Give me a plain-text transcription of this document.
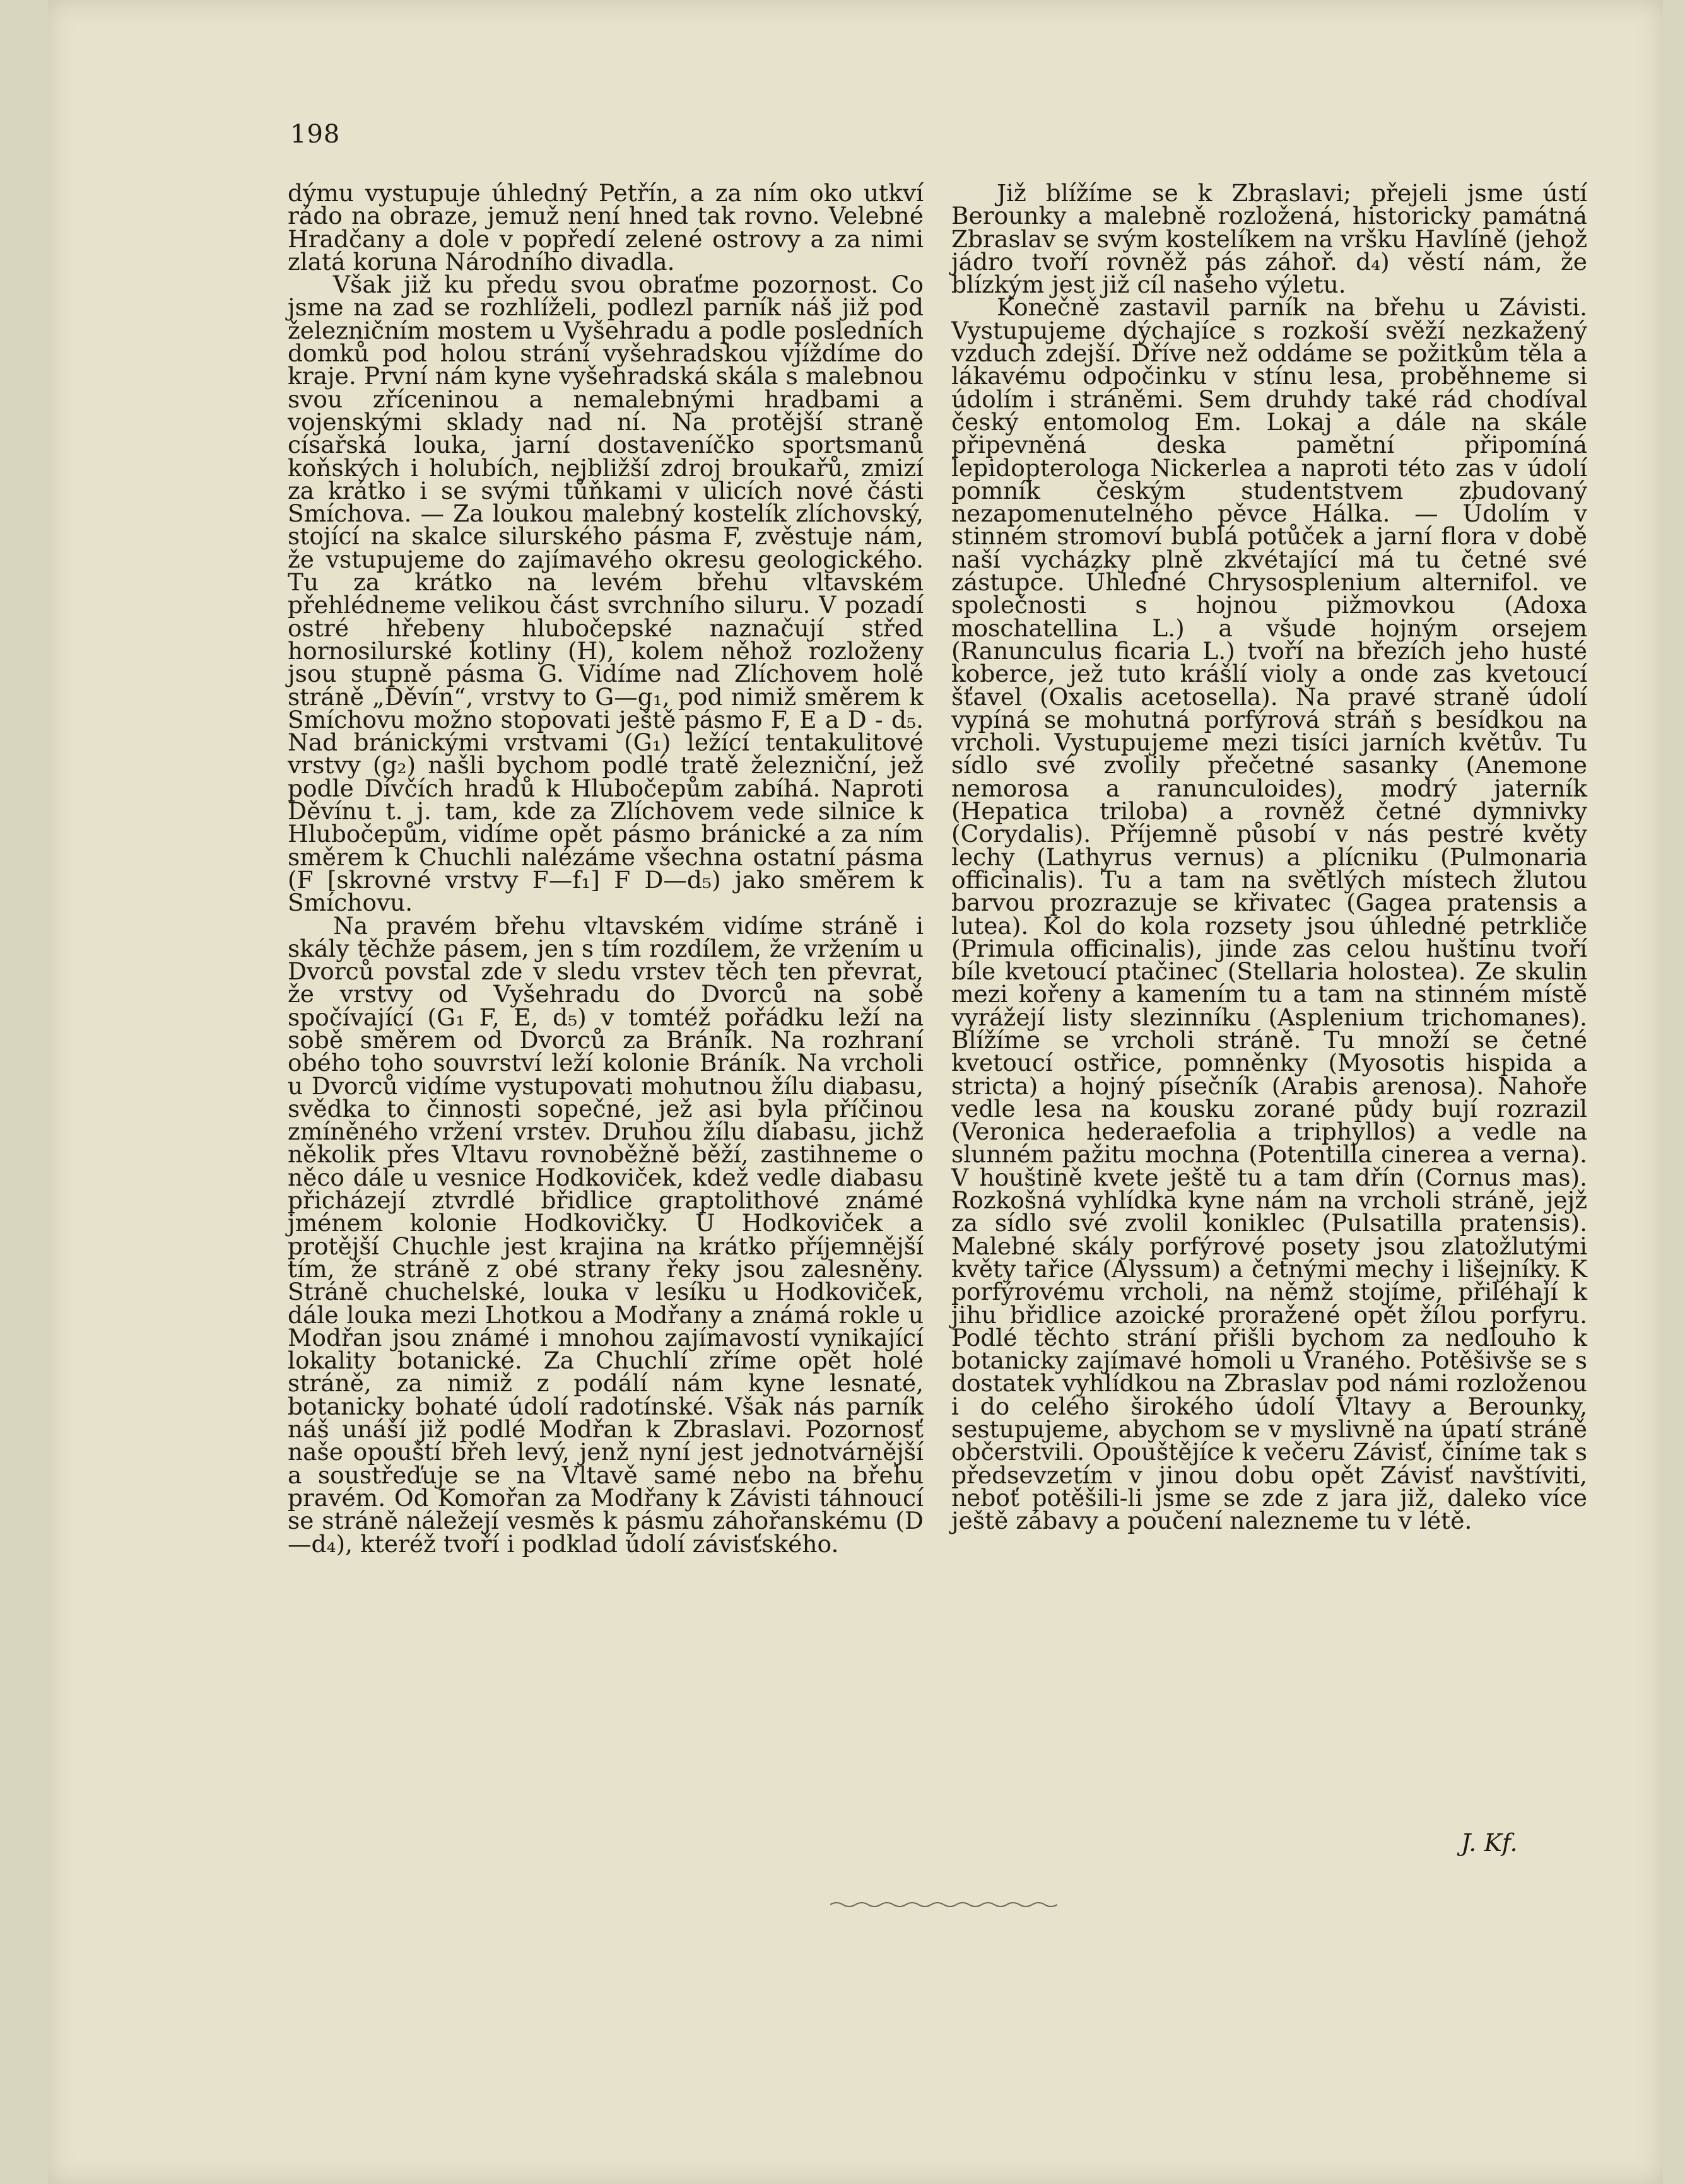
198

dýmu vystupuje úhledný Petřín, a za ním oko utkví rádo na obraze, jemuž není hned tak rovno. Velebné Hradčany a dole v popředí zelené ostrovy a za nimi zlatá koruna Národního divadla.

Však již ku předu svou obraťme pozornost. Co jsme na zad se rozhlíželi, podlezl parník náš již pod železničním mostem u Vyšehradu a podle posledních domků pod holou strání vyšehradskou vjíždíme do kraje. První nám kyne vyšehradská skála s malebnou svou zříceninou a nemalebnými hradbami a vojenskými sklady nad ní. Na protější straně císařská louka, jarní dostaveníčko sportsmanů koňských i holubích, nejbližší zdroj broukařů, zmizí za krátko i se svými tůňkami v ulicích nové části Smíchova. — Za loukou malebný kostelík zlíchovský, stojící na skalce silurského pásma F, zvěstuje nám, že vstupujeme do zajímavého okresu geologického. Tu za krátko na levém břehu vltavském přehlédneme velikou část svrchního siluru. V pozadí ostré hřebeny hlubočepské naznačují střed hornosilurské kotliny (H), kolem něhož rozloženy jsou stupně pásma G. Vidíme nad Zlíchovem holé stráně „Děvín“, vrstvy to G—g₁, pod nimiž směrem k Smíchovu možno stopovati ještě pásmo F, E a D - d₅. Nad bránickými vrstvami (G₁) ležící tentakulitové vrstvy (g₂) našli bychom podlé tratě železniční, jež podle Dívčích hradů k Hlubočepům zabíhá. Naproti Děvínu t. j. tam, kde za Zlíchovem vede silnice k Hlubočepům, vidíme opět pásmo bránické a za ním směrem k Chuchli nalézáme všechna ostatní pásma (F [skrovné vrstvy F—f₁] F D—d₅) jako směrem k Smíchovu.

Na pravém břehu vltavském vidíme stráně i skály těchže pásem, jen s tím rozdílem, že vržením u Dvorců povstal zde v sledu vrstev těch ten převrat, že vrstvy od Vyšehradu do Dvorců na sobě spočívající (G₁ F, E, d₅) v tomtéž pořádku leží na sobě směrem od Dvorců za Bráník. Na rozhraní obého toho souvrství leží kolonie Bráník. Na vrcholi u Dvorců vidíme vystupovati mohutnou žílu diabasu, svědka to činnosti sopečné, jež asi byla příčinou zmíněného vržení vrstev. Druhou žílu diabasu, jichž několik přes Vltavu rovnoběžně běží, zastihneme o něco dále u vesnice Hodkoviček, kdež vedle diabasu přicházejí ztvrdlé břidlice graptolithové známé jménem kolonie Hodkovičky. U Hodkoviček a protější Chuchle jest krajina na krátko příjemnější tím, že stráně z obé strany řeky jsou zalesněny. Stráně chuchelské, louka v lesíku u Hodkoviček, dále louka mezi Lhotkou a Modřany a známá rokle u Modřan jsou známé i mnohou zajímavostí vynikající lokality botanické. Za Chuchlí zříme opět holé stráně, za nimiž z podálí nám kyne lesnaté, botanicky bohaté údolí radotínské. Však nás parník náš unáší již podlé Modřan k Zbraslavi. Pozornosť naše opouští břeh levý, jenž nyní jest jednotvárnější a soustřeďuje se na Vltavě samé nebo na břehu pravém. Od Komořan za Modřany k Závisti táhnoucí se stráně náležejí vesměs k pásmu záhořanskému (D—d₄), kteréž tvoří i podklad údolí závisťského.

Již blížíme se k Zbraslavi; přejeli jsme ústí Berounky a malebně rozložená, historicky památná Zbraslav se svým kostelíkem na vršku Havlíně (jehož jádro tvoří rovněž pás záhoř. d₄) věstí nám, že blízkým jest již cíl našeho výletu.

Konečně zastavil parník na břehu u Závisti. Vystupujeme dýchajíce s rozkoší svěží nezkažený vzduch zdejší. Dříve než oddáme se požitkům těla a lákavému odpočinku v stínu lesa, proběhneme si údolím i stráněmi. Sem druhdy také rád chodíval český entomolog Em. Lokaj a dále na skále připevněná deska pamětní připomíná lepidopterologa Nickerlea a naproti této zas v údolí pomník českým studentstvem zbudovaný nezapomenutelného pěvce Hálka. — Údolím v stinném stromoví bublá potůček a jarní flora v době naší vycházky plně zkvétající má tu četné své zástupce. Úhledné Chrysosplenium alternifol. ve společnosti s hojnou pižmovkou (Adoxa moschatellina L.) a všude hojným orsejem (Ranunculus ficaria L.) tvoří na březích jeho husté koberce, jež tuto krášlí violy a onde zas kvetoucí šťavel (Oxalis acetosella). Na pravé straně údolí vypíná se mohutná porfýrová stráň s besídkou na vrcholi. Vystupujeme mezi tisíci jarních květův. Tu sídlo své zvolily přečetné sasanky (Anemone nemorosa a ranunculoides), modrý jaterník (Hepatica triloba) a rovněž četné dymnivky (Corydalis). Příjemně působí v nás pestré květy lechy (Lathyrus vernus) a plícniku (Pulmonaria officinalis). Tu a tam na světlých místech žlutou barvou prozrazuje se křivatec (Gagea pratensis a lutea). Kol do kola rozsety jsou úhledné petrkliče (Primula officinalis), jinde zas celou huštinu tvoří bíle kvetoucí ptačinec (Stellaria holostea). Ze skulin mezi kořeny a kamením tu a tam na stinném místě vyrážejí listy slezinníku (Asplenium trichomanes). Blížíme se vrcholi stráně. Tu množí se četné kvetoucí ostřice, pomněnky (Myosotis hispida a stricta) a hojný písečník (Arabis arenosa). Nahoře vedle lesa na kousku zorané půdy bují rozrazil (Veronica hederaefolia a triphyllos) a vedle na slunném pažitu mochna (Potentilla cinerea a verna). V houštině kvete ještě tu a tam dřín (Cornus mas). Rozkošná vyhlídka kyne nám na vrcholi stráně, jejž za sídlo své zvolil koniklec (Pulsatilla pratensis). Malebné skály porfýrové posety jsou zlatožlutými květy tařice (Alyssum) a četnými mechy i lišejníky. K porfýrovému vrcholi, na němž stojíme, přiléhají k jihu břidlice azoické proražené opět žílou porfyru. Podlé těchto strání přišli bychom za nedlouho k botanicky zajímavé homoli u Vraného. Potěšivše se s dostatek vyhlídkou na Zbraslav pod námi rozloženou i do celého širokého údolí Vltavy a Berounky, sestupujeme, abychom se v myslivně na úpatí stráně občerstvili. Opouštějíce k večeru Závisť, činíme tak s předsevzetím v jinou dobu opět Závisť navštíviti, neboť potěšili-li jsme se zde z jara již, daleko více ještě zábavy a poučení nalezneme tu v létě.

J. Kf.
